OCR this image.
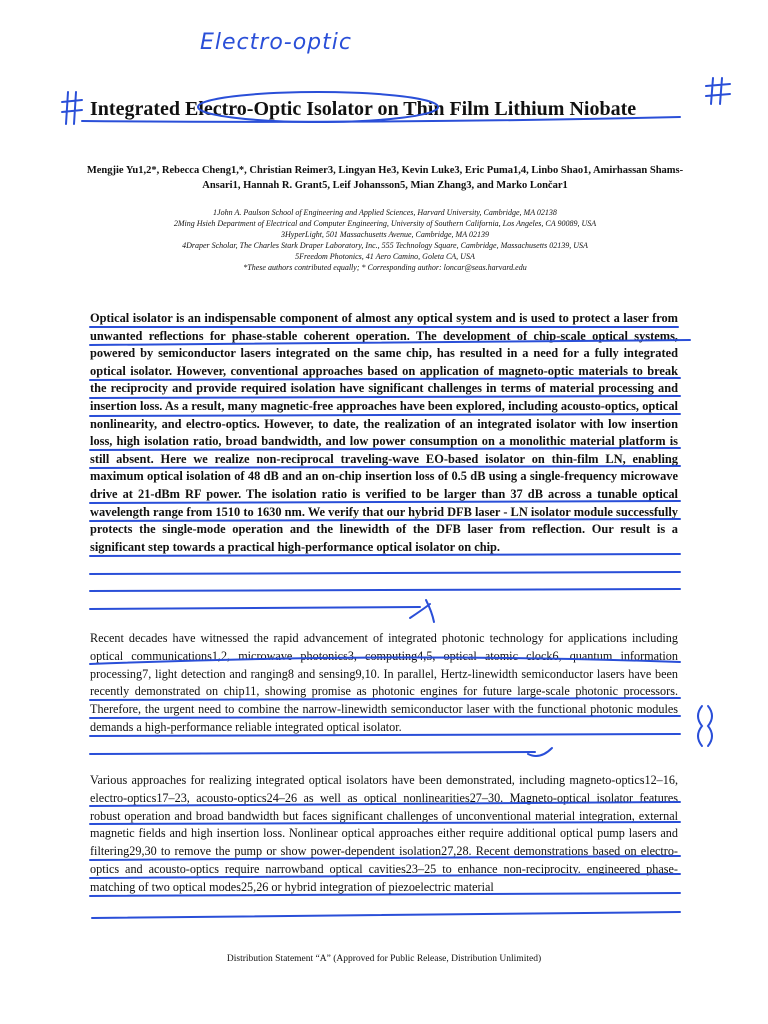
Electro-optic
Integrated Electro-Optic Isolator on Thin Film Lithium Niobate
Mengjie Yu1,2*, Rebecca Cheng1,*, Christian Reimer3, Lingyan He3, Kevin Luke3, Eric Puma1,4, Linbo Shao1, Amirhassan Shams-Ansari1, Hannah R. Grant5, Leif Johansson5, Mian Zhang3, and Marko Lončar1
1John A. Paulson School of Engineering and Applied Sciences, Harvard University, Cambridge, MA 02138
2Ming Hsieh Department of Electrical and Computer Engineering, University of Southern California, Los Angeles, CA 90089, USA
3HyperLight, 501 Massachusetts Avenue, Cambridge, MA 02139
4Draper Scholar, The Charles Stark Draper Laboratory, Inc., 555 Technology Square, Cambridge, Massachusetts 02139, USA
5Freedom Photonics, 41 Aero Camino, Goleta CA, USA
*These authors contributed equally; * Corresponding author: loncar@seas.harvard.edu
Optical isolator is an indispensable component of almost any optical system and is used to protect a laser from unwanted reflections for phase-stable coherent operation. The development of chip-scale optical systems, powered by semiconductor lasers integrated on the same chip, has resulted in a need for a fully integrated optical isolator. However, conventional approaches based on application of magneto-optic materials to break the reciprocity and provide required isolation have significant challenges in terms of material processing and insertion loss. As a result, many magnetic-free approaches have been explored, including acousto-optics, optical nonlinearity, and electro-optics. However, to date, the realization of an integrated isolator with low insertion loss, high isolation ratio, broad bandwidth, and low power consumption on a monolithic material platform is still absent. Here we realize non-reciprocal traveling-wave EO-based isolator on thin-film LN, enabling maximum optical isolation of 48 dB and an on-chip insertion loss of 0.5 dB using a single-frequency microwave drive at 21-dBm RF power. The isolation ratio is verified to be larger than 37 dB across a tunable optical wavelength range from 1510 to 1630 nm. We verify that our hybrid DFB laser - LN isolator module successfully protects the single-mode operation and the linewidth of the DFB laser from reflection. Our result is a significant step towards a practical high-performance optical isolator on chip.
Recent decades have witnessed the rapid advancement of integrated photonic technology for applications including optical communications1,2, microwave photonics3, computing4,5, optical atomic clock6, quantum information processing7, light detection and ranging8 and sensing9,10. In parallel, Hertz-linewidth semiconductor lasers have been recently demonstrated on chip11, showing promise as photonic engines for future large-scale photonic processors. Therefore, the urgent need to combine the narrow-linewidth semiconductor laser with the functional photonic modules demands a high-performance reliable integrated optical isolator.
Various approaches for realizing integrated optical isolators have been demonstrated, including magneto-optics12–16, electro-optics17–23, acousto-optics24–26 as well as optical nonlinearities27–30. Magneto-optical isolator features robust operation and broad bandwidth but faces significant challenges of unconventional material integration, external magnetic fields and high insertion loss. Nonlinear optical approaches either require additional optical pump lasers and filtering29,30 to remove the pump or show power-dependent isolation27,28. Recent demonstrations based on electro-optics and acousto-optics require narrowband optical cavities23–25 to enhance non-reciprocity. engineered phase-matching of two optical modes25,26 or hybrid integration of piezoelectric material
Distribution Statement “A” (Approved for Public Release, Distribution Unlimited)
